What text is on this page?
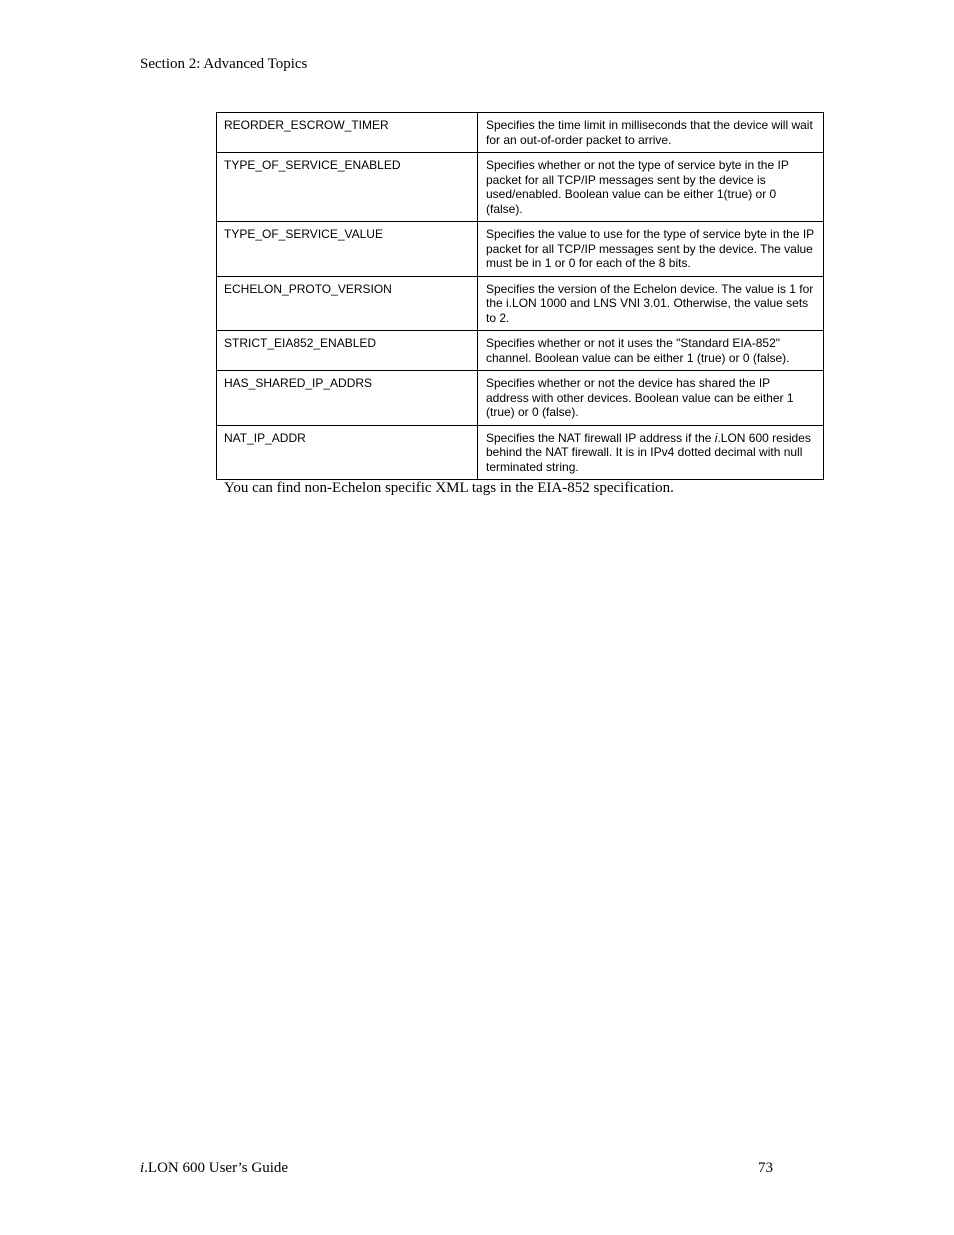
Section 2: Advanced Topics
REORDER_ESCROW_TIMER	Specifies the time limit in milliseconds that the device will wait for an out-of-order packet to arrive.
TYPE_OF_SERVICE_ENABLED	Specifies whether or not the type of service byte in the IP packet for all TCP/IP messages sent by the device is used/enabled. Boolean value can be either 1(true) or 0 (false).
TYPE_OF_SERVICE_VALUE	Specifies the value to use for the type of service byte in the IP packet for all TCP/IP messages sent by the device. The value must be in 1 or 0 for each of the 8 bits.
ECHELON_PROTO_VERSION	Specifies the version of the Echelon device. The value is 1 for the i.LON 1000 and LNS VNI 3.01. Otherwise, the value sets to 2.
STRICT_EIA852_ENABLED	Specifies whether or not it uses the "Standard EIA-852" channel. Boolean value can be either 1 (true) or 0 (false).
HAS_SHARED_IP_ADDRS	Specifies whether or not the device has shared the IP address with other devices. Boolean value can be either 1 (true) or 0 (false).
NAT_IP_ADDR	Specifies the NAT firewall IP address if the i.LON 600 resides behind the NAT firewall. It is in IPv4 dotted decimal with null terminated string.
You can find non-Echelon specific XML tags in the EIA-852 specification.
i.LON 600 User’s Guide	73
